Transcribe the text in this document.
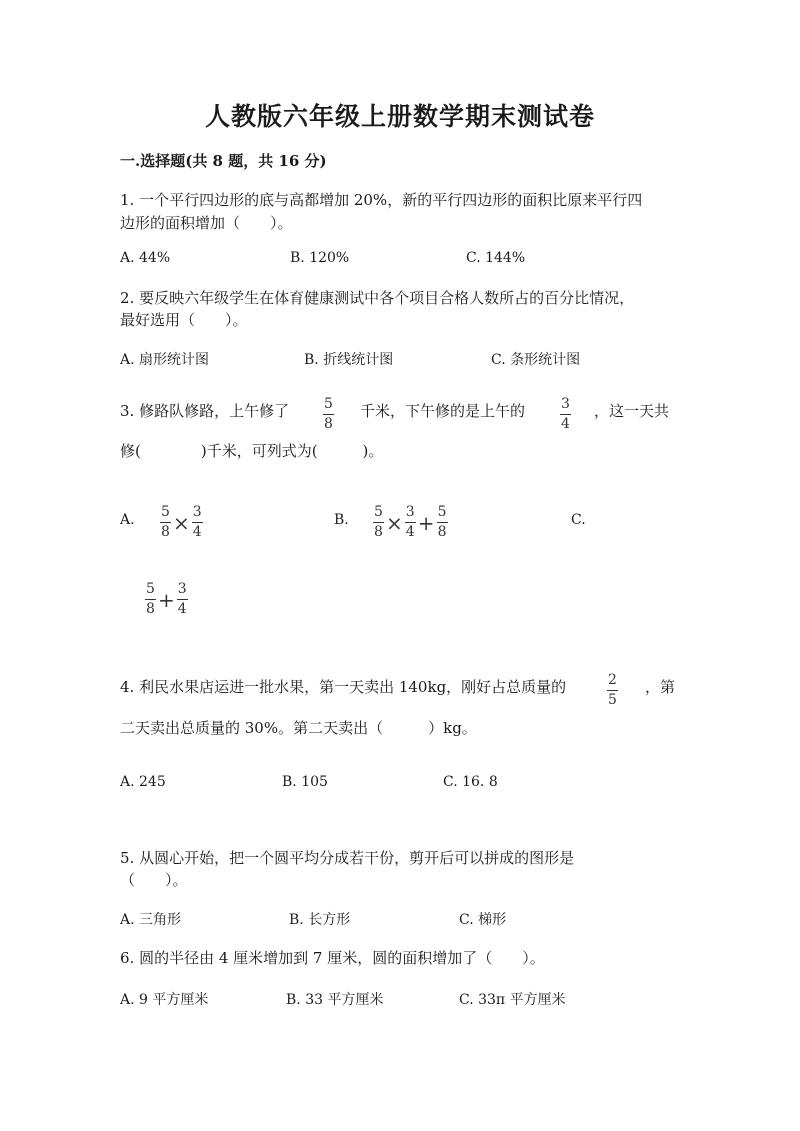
人教版六年级上册数学期末测试卷
一.选择题(共 8 题，共 16 分)
1. 一个平行四边形的底与高都增加 20%，新的平行四边形的面积比原来平行四
边形的面积增加（　　）。
A. 44%	B. 120%	C. 144%
2. 要反映六年级学生在体育健康测试中各个项目合格人数所占的百分比情况，
最好选用（　　）。
A. 扇形统计图	B. 折线统计图	C. 条形统计图
3. 修路队修路，上午修了 5
8
千米，下午修的是上午的	3
4
，这一天共
修(　　　　)千米，可列式为(　　　)。
A. $\frac{5}{8} \times \frac{3}{4}$	B. $\frac{5}{8} \times \frac{3}{4} + \frac{5}{8}$	C.
$\frac{5}{8} + \frac{3}{4}$
4. 利民水果店运进一批水果，第一天卖出 140kg，刚好占总质量的	2
5
，第
二天卖出总质量的 30%。第二天卖出（　　　）kg。
A. 245	B. 105	C. 16. 8
5. 从圆心开始，把一个圆平均分成若干份，剪开后可以拼成的图形是
（　　）。
A. 三角形	B. 长方形	C. 梯形
6. 圆的半径由 4 厘米增加到 7 厘米，圆的面积增加了（　　）。
A. 9 平方厘米	B. 33 平方厘米	C. 33π 平方厘米
